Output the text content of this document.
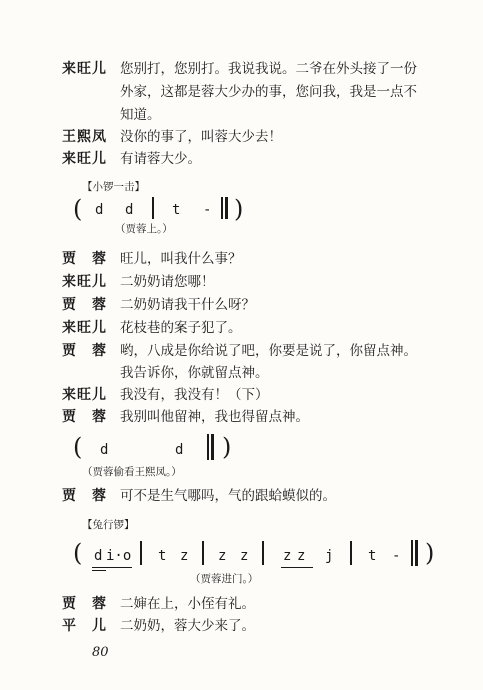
来旺儿 您别打，您别打。我说我说。二爷在外头接了一份
外家，这都是蓉大少办的事，您问我，我是一点不
知道。
王熙凤 没你的事了，叫蓉大少去！
来旺儿 有请蓉大少。
【小锣一击】
( d d	t - )
（贾蓉上。）
贾　蓉 旺儿，叫我什么事？
来旺儿 二奶奶请您哪！
贾　蓉 二奶奶请我干什么呀？
来旺儿 花枝巷的案子犯了。
贾　蓉 哟，八成是你给说了吧，你要是说了，你留点神。
我告诉你，你就留点神。
来旺儿 我没有，我没有！（下）
贾　蓉 我别叫他留神，我也得留点神。
( d	d )
（贾蓉偷看王熙凤。）
贾　蓉 可不是生气哪吗，气的跟蛤蟆似的。
【兔行锣】
( d i·o t z z z z z j t - )
（贾蓉进门。）
贾　蓉 二婶在上，小侄有礼。
平　儿 二奶奶，蓉大少来了。
80
